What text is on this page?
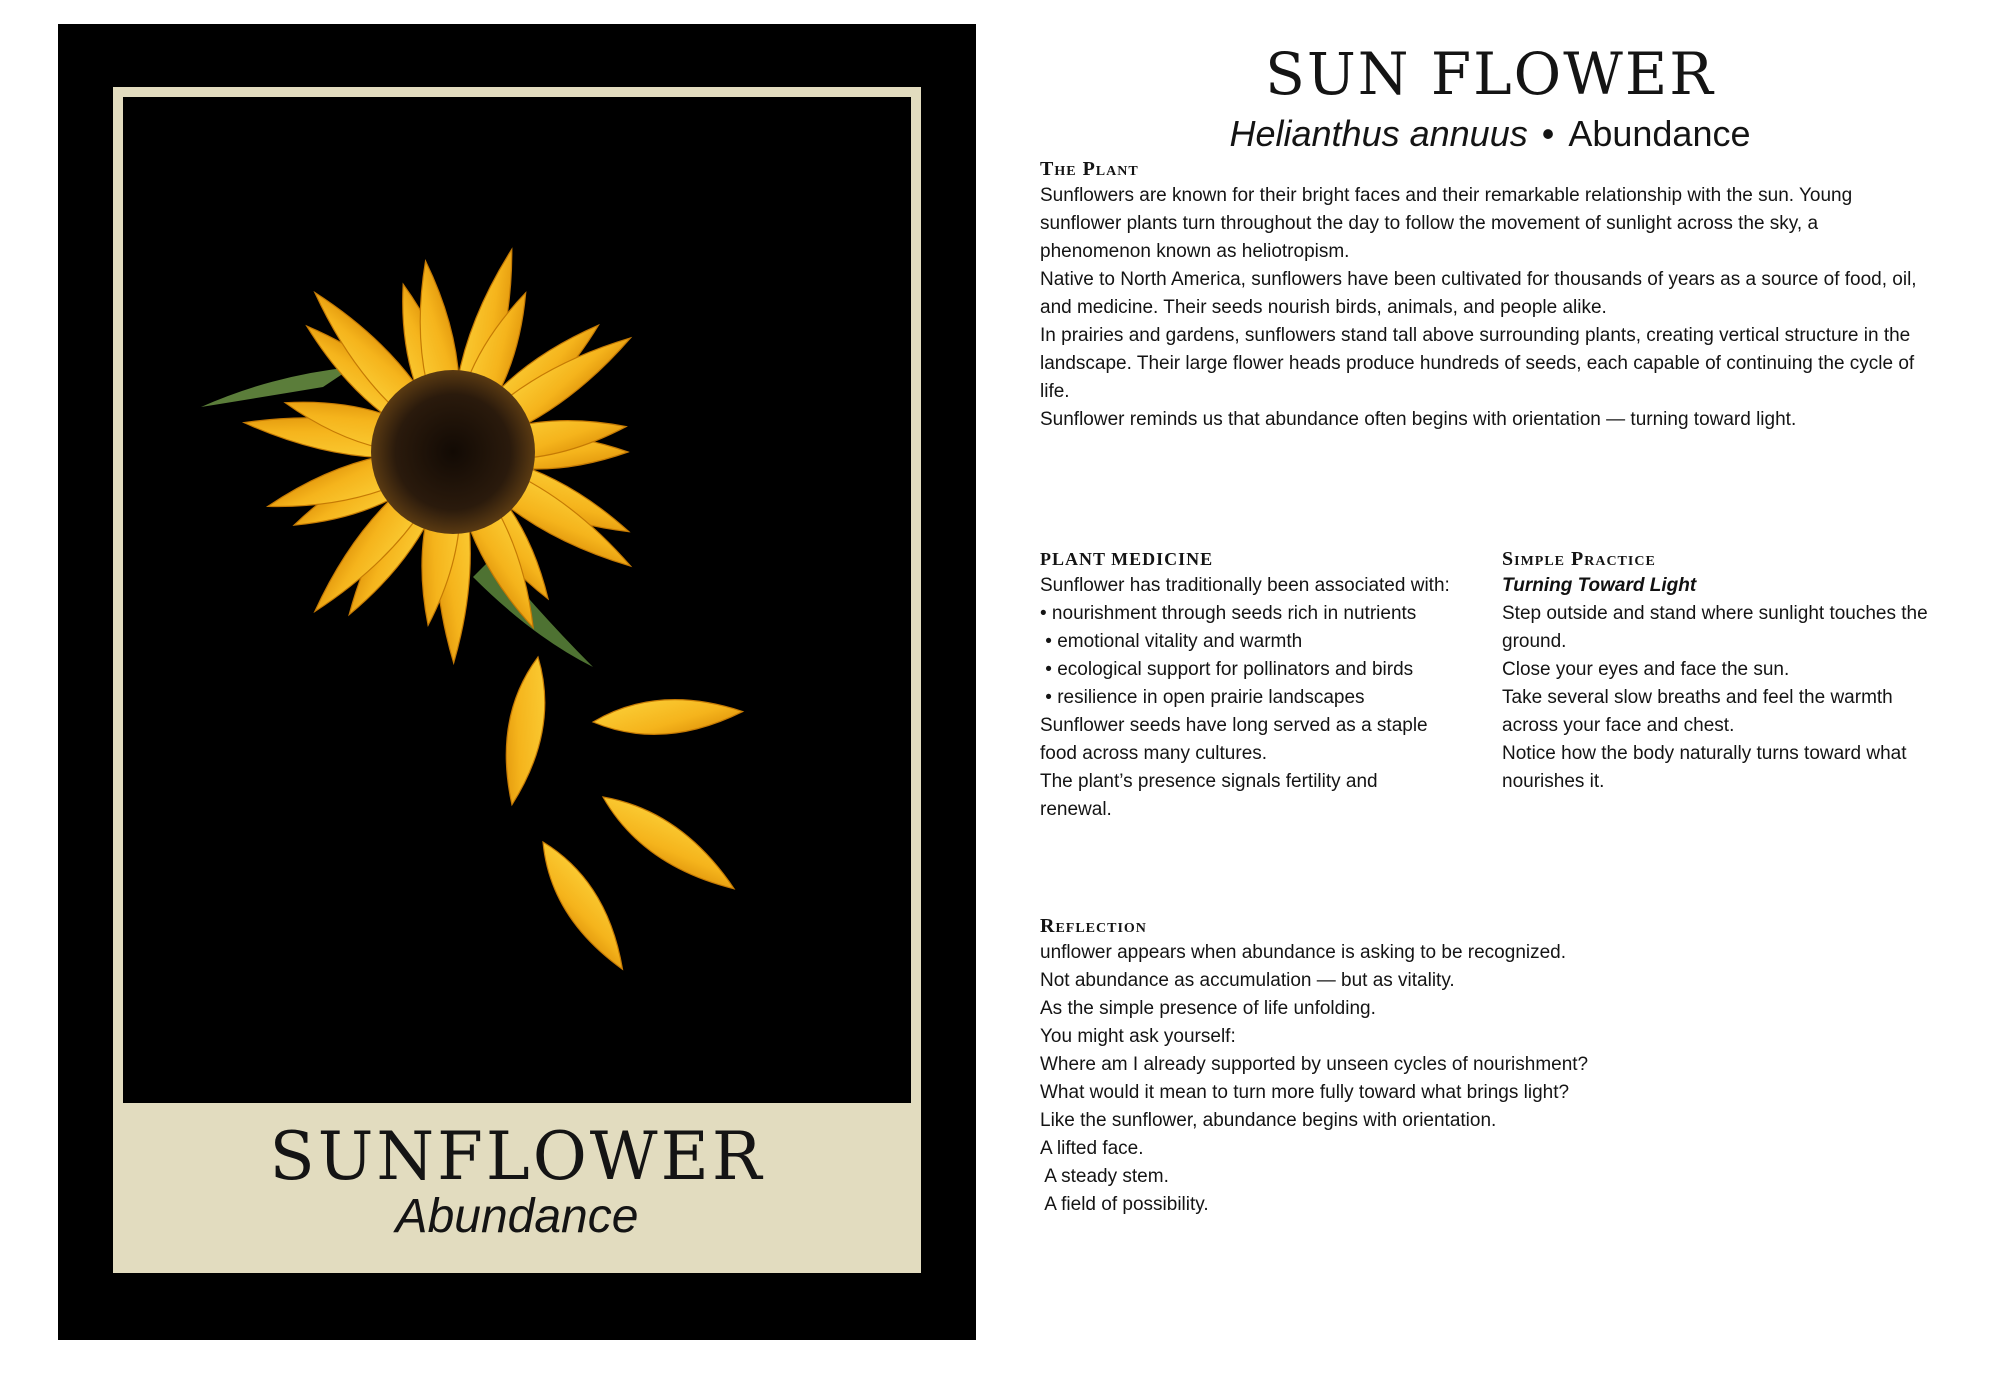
SUNFLOWER
Abundance
SUN FLOWER
Helianthus annuus • Abundance
The Plant

Sunflowers are known for their bright faces and their remarkable relationship with the sun. Young sunflower plants turn throughout the day to follow the movement of sunlight across the sky, a phenomenon known as heliotropism.

Native to North America, sunflowers have been cultivated for thousands of years as a source of food, oil, and medicine. Their seeds nourish birds, animals, and people alike.

In prairies and gardens, sunflowers stand tall above surrounding plants, creating vertical structure in the landscape. Their large flower heads produce hundreds of seeds, each capable of continuing the cycle of life.

Sunflower reminds us that abundance often begins with orientation — turning toward light.

PLANT MEDICINE

Sunflower has traditionally been associated with:

• nourishment through seeds rich in nutrients

• emotional vitality and warmth

• ecological support for pollinators and birds

• resilience in open prairie landscapes

Sunflower seeds have long served as a staple food across many cultures.

The plant’s presence signals fertility and renewal.

Simple Practice
Turning Toward Light

Step outside and stand where sunlight touches the ground.

Close your eyes and face the sun.

Take several slow breaths and feel the warmth across your face and chest.

Notice how the body naturally turns toward what nourishes it.

Reflection

unflower appears when abundance is asking to be recognized.

Not abundance as accumulation — but as vitality.

As the simple presence of life unfolding.

You might ask yourself:

Where am I already supported by unseen cycles of nourishment?

What would it mean to turn more fully toward what brings light?

Like the sunflower, abundance begins with orientation.

A lifted face.

A steady stem.

A field of possibility.
